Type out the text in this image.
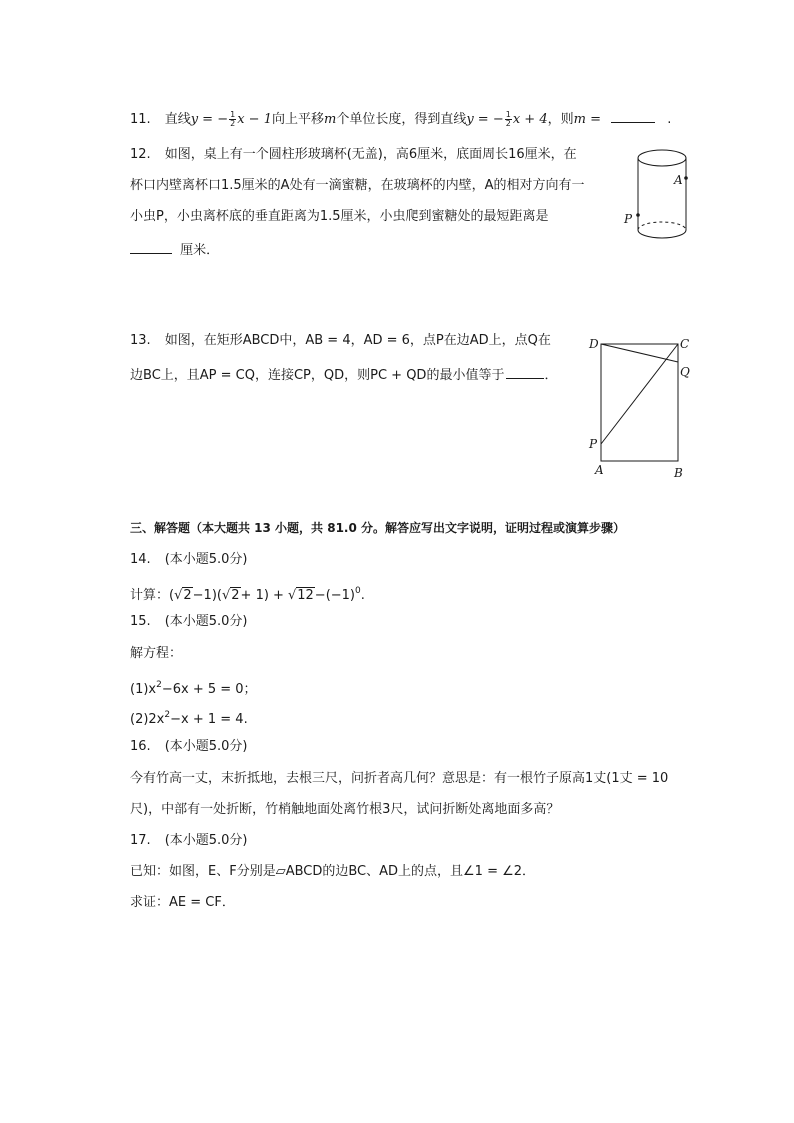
11. 直线y = − $\frac{1}{2}$ x − 1向上平移m个单位长度，得到直线y = − $\frac{1}{2}$ x + 4，则m =	.
12. 如图，桌上有一个圆柱形玻璃杯(无盖)，高6厘米，底面周长16厘米，在
杯口内壁离杯口1.5厘米的A处有一滴蜜糖，在玻璃杯的内壁，A的相对方向有一
小虫P，小虫离杯底的垂直距离为1.5厘米，小虫爬到蜜糖处的最短距离是
厘米．
A
P
13. 如图，在矩形ABCD中，AB = 4，AD = 6，点P在边AD上，点Q在
边BC上，且AP = CQ，连接CP，QD，则PC + QD的最小值等于	．
D	C
Q
P
A	B
三、解答题（本大题共 13 小题，共 81.0 分。解答应写出文字说明，证明过程或演算步骤）
14. (本小题5.0分)
计算：$(√2-1)(√2+ 1) + √12-(-1)^0$.
15. (本小题5.0分)
解方程：
$(1)x^2-6x + 5 = 0$；
$(2)2x^2-x + 1 = 4$.
16. (本小题5.0分)
今有竹高一丈，末折抵地，去根三尺，问折者高几何？意思是：有一根竹子原高1丈(1丈 = 10
尺)，中部有一处折断，竹梢触地面处离竹根3尺，试问折断处离地面多高？
17. (本小题5.0分)
已知：如图，E、F分别是▱ABCD的边BC、AD上的点，且∠1 = ∠2．
求证：AE = CF．
